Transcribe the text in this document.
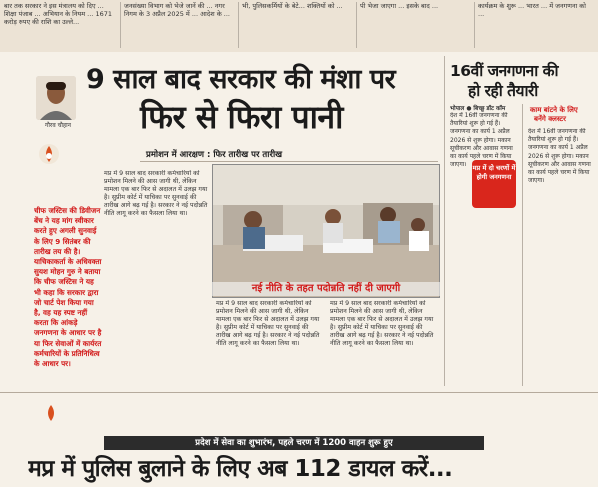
बार तक सरकार ने इस मंत्रालय को दिए ... शिक्षा पंजाब ... अभियान के नियम ... 1671 करोड़ रुपए की राशि का उल्ले...
जनसंख्या विभाग को भेजे जानें की ... नगर निगम के 3 अप्रैल 2025 में ... आदेश के ...
भी, पुलिसकर्मियों के बेटे... शक्तियों को ...	पी भेजा जाएगा ... इसके बाद ...	कार्यक्रम के शुरू ... भारत ... में जनगणना को ...
गौरव चौहान
9 साल बाद सरकार की मंशा पर
फिर से फिरा पानी
प्रमोशन में आरक्षण : फिर तारीख पर तारीख
नई नीति के तहत पदोन्नति नहीं दी जाएगी
मप्र में 9 साल बाद सरकारी कर्मचारियों को प्रमोशन मिलने की आस जागी थी, लेकिन मामला एक बार फिर से अदालत में उलझ गया है। सुप्रीम कोर्ट में याचिका पर सुनवाई की तारीख आगे बढ़ गई है। सरकार ने नई पदोन्नति नीति लागू करने का फैसला लिया था।
मप्र में 9 साल बाद सरकारी कर्मचारियों को प्रमोशन मिलने की आस जागी थी, लेकिन मामला एक बार फिर से अदालत में उलझ गया है। सुप्रीम कोर्ट में याचिका पर सुनवाई की तारीख आगे बढ़ गई है। सरकार ने नई पदोन्नति नीति लागू करने का फैसला लिया था।
मप्र में 9 साल बाद सरकारी कर्मचारियों को प्रमोशन मिलने की आस जागी थी, लेकिन मामला एक बार फिर से अदालत में उलझ गया है। सुप्रीम कोर्ट में याचिका पर सुनवाई की तारीख आगे बढ़ गई है। सरकार ने नई पदोन्नति नीति लागू करने का फैसला लिया था।
चीफ जस्टिस की डिवीजन बेंच ने यह मांग स्वीकार करते हुए अगली सुनवाई के लिए 9 सितंबर की तारीख तय की है। याचिकाकर्ता के अधिवक्ता सुयश मोहन गुरु ने बताया कि चीफ जस्टिस ने यह भी कहा कि सरकार द्वारा जो चार्ट पेश किया गया है, वह यह स्पष्ट नहीं करता कि आंकड़े जनगणना के आधार पर है या फिर सेवाओं में कार्यरत कर्मचारियों के प्रतिनिधित्व के आधार पर।
16वीं जनगणना की
हो रही तैयारी
भोपाल ● बिच्छू डॉट कॉम
देश में 16वीं जनगणना की तैयारियां शुरू हो गई हैं। जनगणना का कार्य 1 अप्रैल 2026 से शुरू होगा। मकान सूचीकरण और आवास गणना का कार्य पहले चरण में किया जाएगा। मप्र में दो चरणों में होगी जनगणना
काम बांटने के लिए
बनेंगे क्लस्टर
देश में 16वीं जनगणना की तैयारियां शुरू हो गई हैं। जनगणना का कार्य 1 अप्रैल 2026 से शुरू होगा। मकान सूचीकरण और आवास गणना का कार्य पहले चरण में किया जाएगा।
प्रदेश में सेवा का शुभारंभ, पहले चरण में 1200 वाहन शुरू हुए
मप्र में पुलिस बुलाने के लिए अब 112 डायल करें...
